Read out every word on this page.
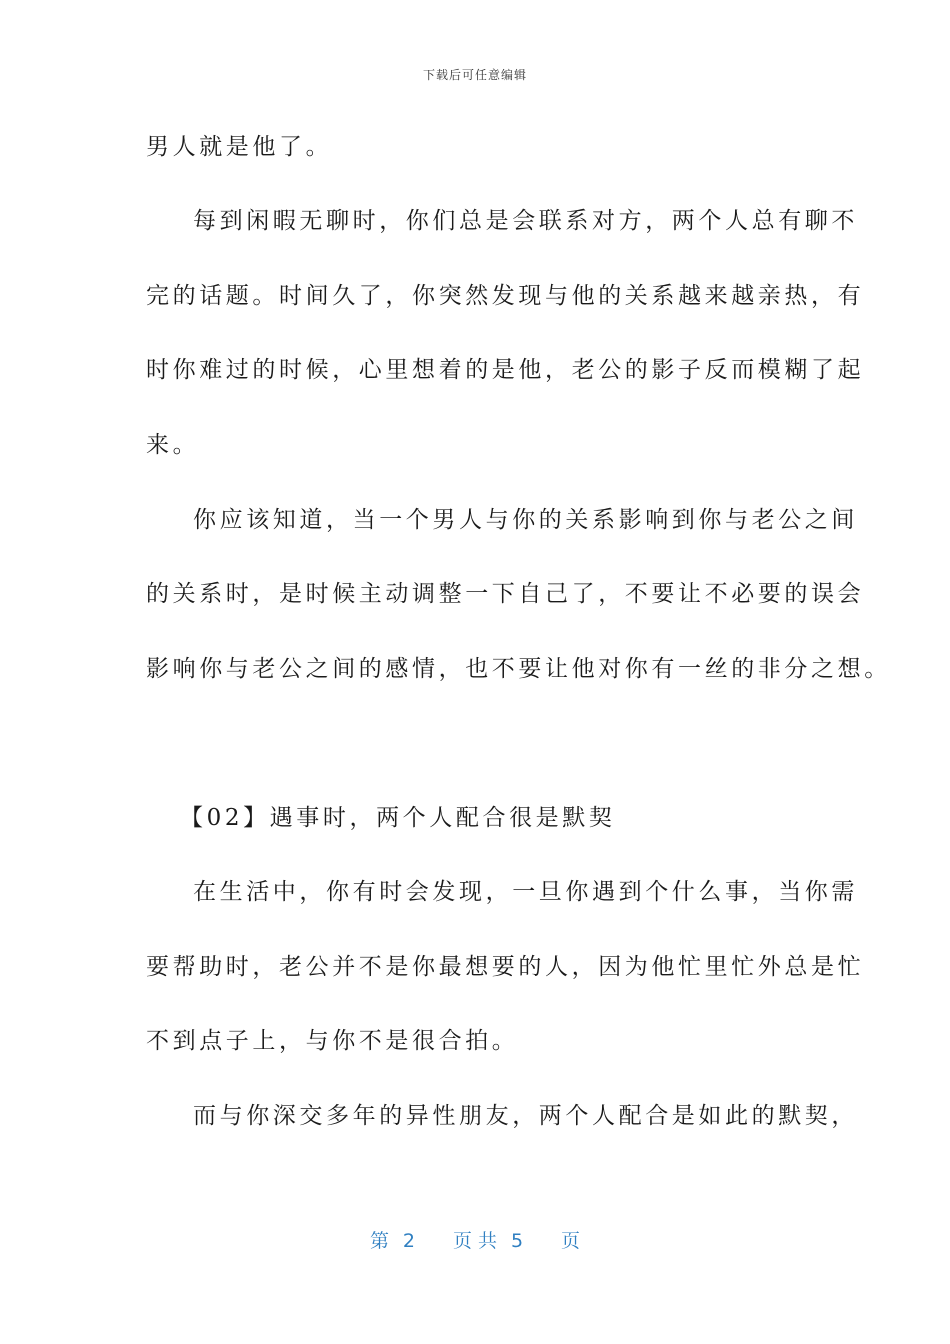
下载后可任意编辑
男人就是他了。
每到闲暇无聊时，你们总是会联系对方，两个人总有聊不
完的话题。时间久了，你突然发现与他的关系越来越亲热，有
时你难过的时候，心里想着的是他，老公的影子反而模糊了起
来。
你应该知道，当一个男人与你的关系影响到你与老公之间
的关系时，是时候主动调整一下自己了，不要让不必要的误会
影响你与老公之间的感情，也不要让他对你有一丝的非分之想。
【02】遇事时，两个人配合很是默契
在生活中，你有时会发现，一旦你遇到个什么事，当你需
要帮助时，老公并不是你最想要的人，因为他忙里忙外总是忙
不到点子上，与你不是很合拍。
而与你深交多年的异性朋友，两个人配合是如此的默契，
第 2 页 共 5 页
